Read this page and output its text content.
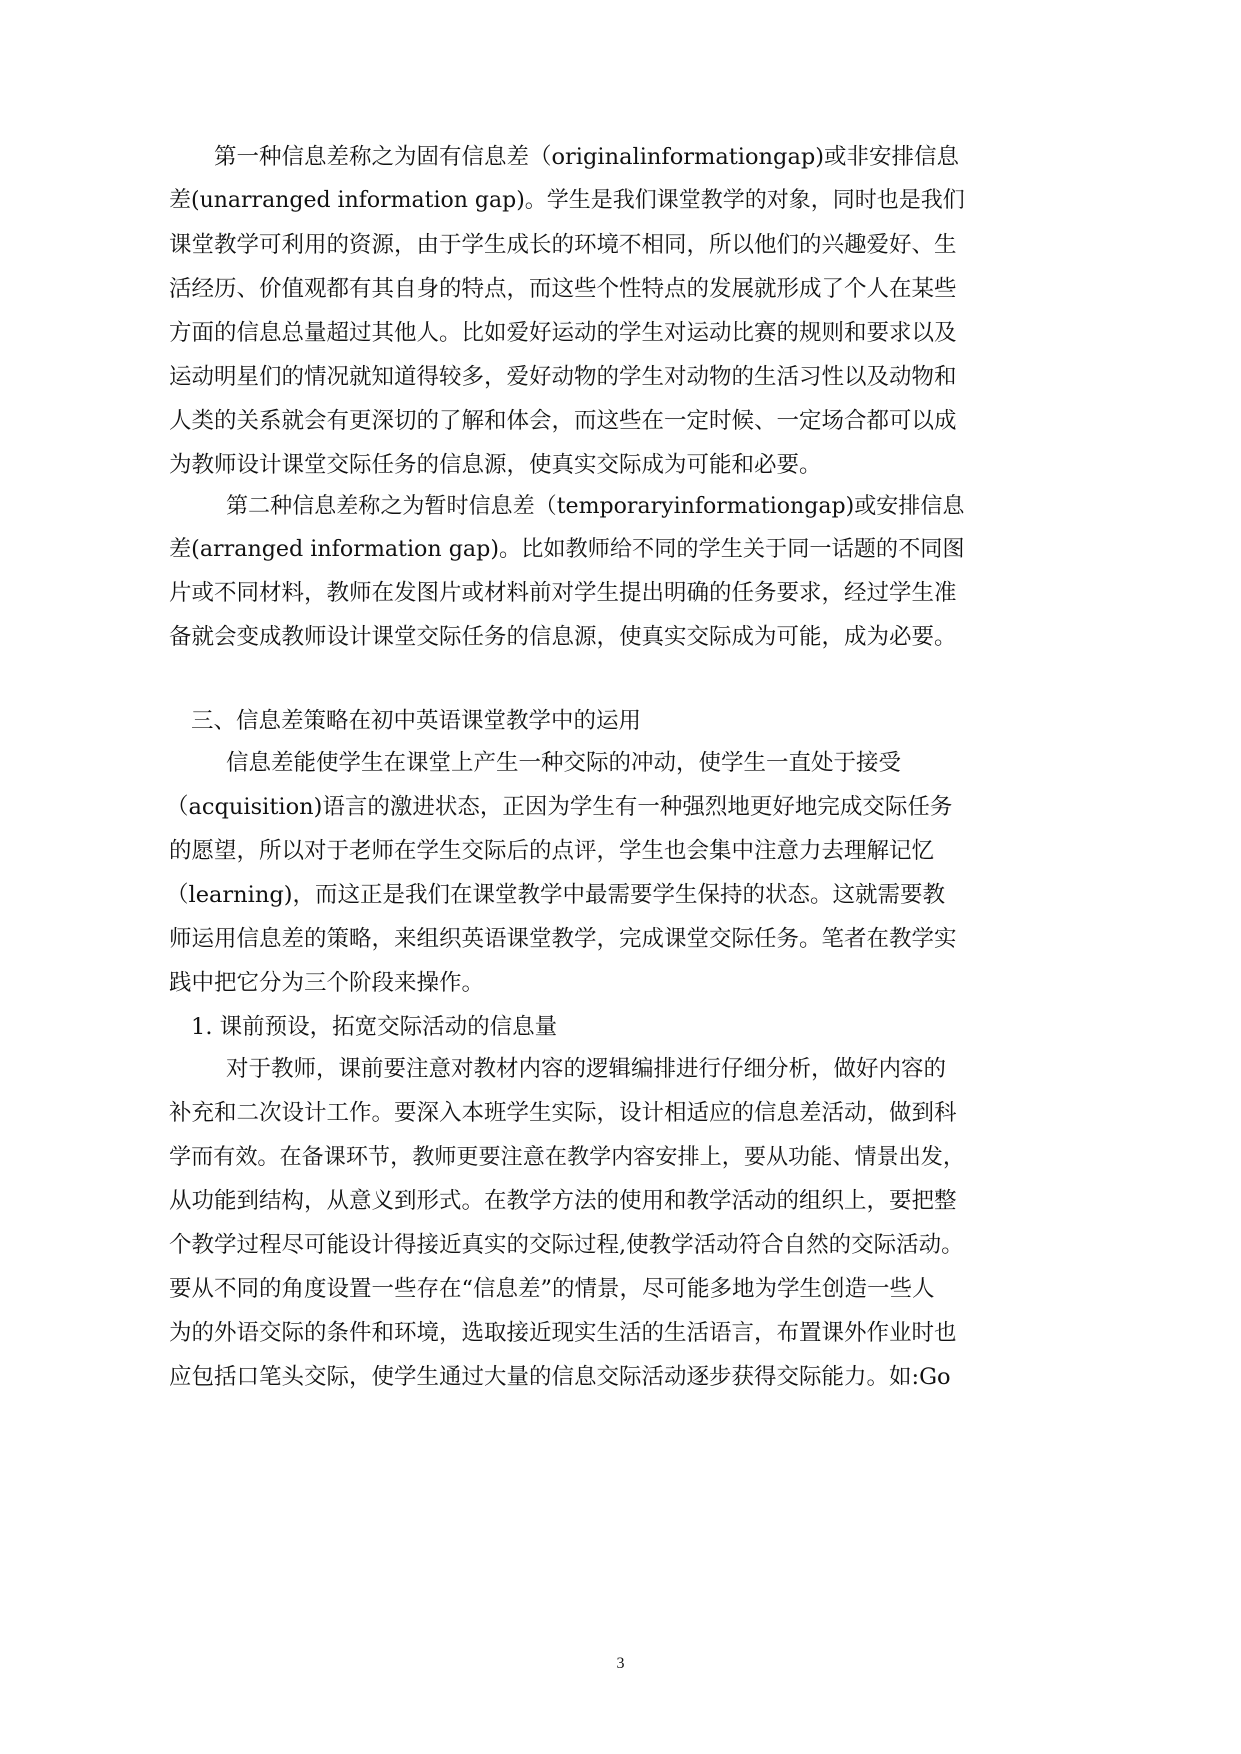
第一种信息差称之为固有信息差（originalinformationgap)或非安排信息
差(unarranged information gap)。学生是我们课堂教学的对象，同时也是我们
课堂教学可利用的资源，由于学生成长的环境不相同，所以他们的兴趣爱好、生
活经历、价值观都有其自身的特点，而这些个性特点的发展就形成了个人在某些
方面的信息总量超过其他人。比如爱好运动的学生对运动比赛的规则和要求以及
运动明星们的情况就知道得较多，爱好动物的学生对动物的生活习性以及动物和
人类的关系就会有更深切的了解和体会，而这些在一定时候、一定场合都可以成
为教师设计课堂交际任务的信息源，使真实交际成为可能和必要。
第二种信息差称之为暂时信息差（temporaryinformationgap)或安排信息
差(arranged information gap)。比如教师给不同的学生关于同一话题的不同图
片或不同材料，教师在发图片或材料前对学生提出明确的任务要求，经过学生准
备就会变成教师设计课堂交际任务的信息源，使真实交际成为可能，成为必要。
三、信息差策略在初中英语课堂教学中的运用
信息差能使学生在课堂上产生一种交际的冲动，使学生一直处于接受
（acquisition)语言的激进状态，正因为学生有一种强烈地更好地完成交际任务
的愿望，所以对于老师在学生交际后的点评，学生也会集中注意力去理解记忆
（learning)，而这正是我们在课堂教学中最需要学生保持的状态。这就需要教
师运用信息差的策略，来组织英语课堂教学，完成课堂交际任务。笔者在教学实
践中把它分为三个阶段来操作。
1. 课前预设，拓宽交际活动的信息量
对于教师，课前要注意对教材内容的逻辑编排进行仔细分析，做好内容的
补充和二次设计工作。要深入本班学生实际，设计相适应的信息差活动，做到科
学而有效。在备课环节，教师更要注意在教学内容安排上，要从功能、情景出发，
从功能到结构，从意义到形式。在教学方法的使用和教学活动的组织上，要把整
个教学过程尽可能设计得接近真实的交际过程,使教学活动符合自然的交际活动。
要从不同的角度设置一些存在“信息差”的情景，尽可能多地为学生创造一些人
为的外语交际的条件和环境，选取接近现实生活的生活语言，布置课外作业时也
应包括口笔头交际，使学生通过大量的信息交际活动逐步获得交际能力。如:Go
3
